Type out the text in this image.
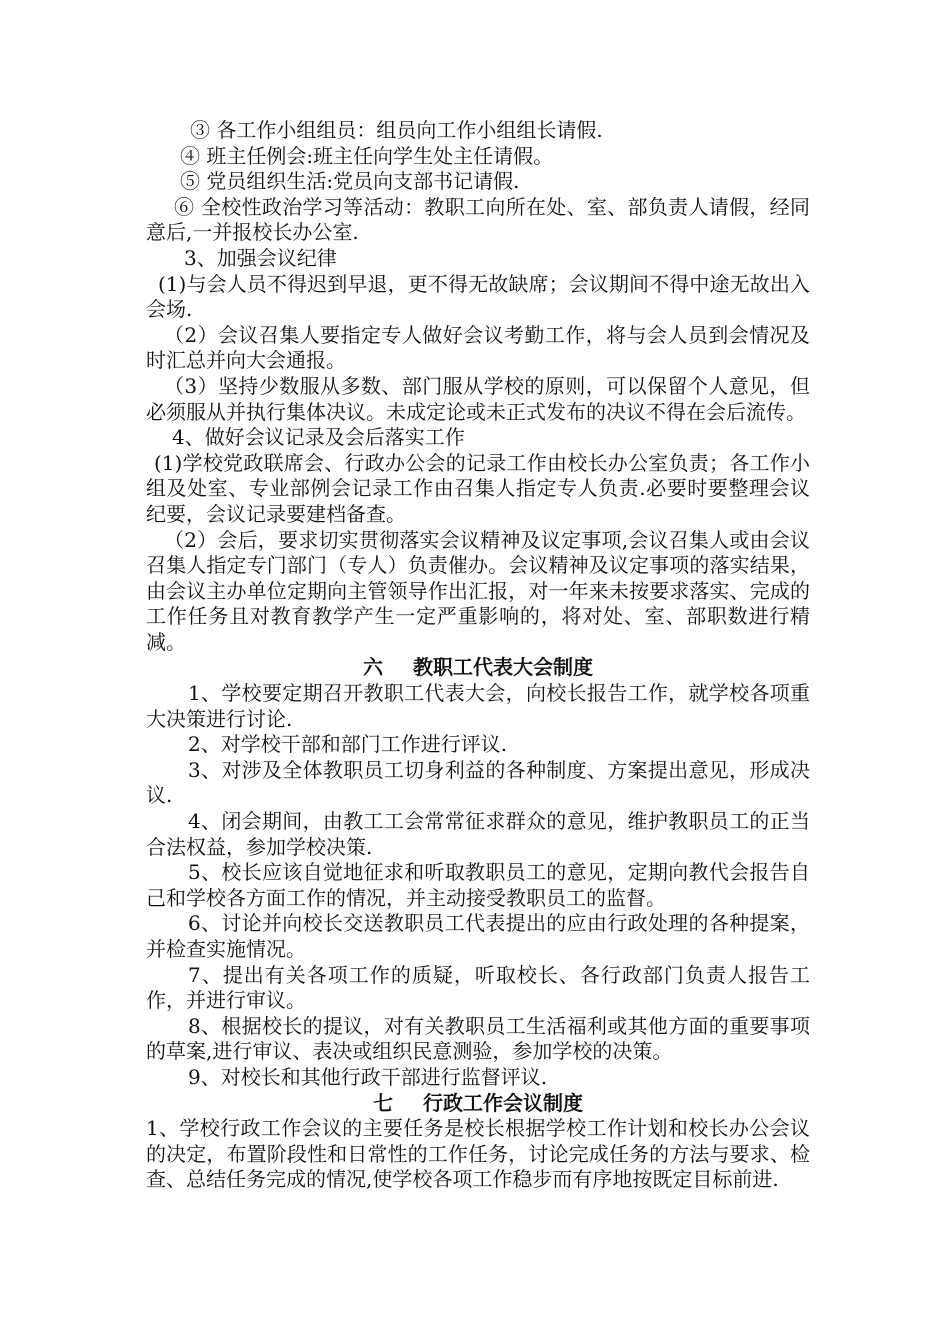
③ 各工作小组组员：组员向工作小组组长请假.

④ 班主任例会:班主任向学生处主任请假。

⑤ 党员组织生活:党员向支部书记请假.

⑥ 全校性政治学习等活动：教职工向所在处、室、部负责人请假，经同意后,一并报校长办公室.

3、加强会议纪律

(1)与会人员不得迟到早退，更不得无故缺席；会议期间不得中途无故出入会场.

（2）会议召集人要指定专人做好会议考勤工作，将与会人员到会情况及时汇总并向大会通报。

（3）坚持少数服从多数、部门服从学校的原则，可以保留个人意见，但必须服从并执行集体决议。未成定论或未正式发布的决议不得在会后流传。

4、做好会议记录及会后落实工作

(1)学校党政联席会、行政办公会的记录工作由校长办公室负责；各工作小组及处室、专业部例会记录工作由召集人指定专人负责.必要时要整理会议纪要，会议记录要建档备查。

（2）会后，要求切实贯彻落实会议精神及议定事项,会议召集人或由会议召集人指定专门部门（专人）负责催办。会议精神及议定事项的落实结果，由会议主办单位定期向主管领导作出汇报，对一年来未按要求落实、完成的工作任务且对教育教学产生一定严重影响的，将对处、室、部职数进行精减。

六 教职工代表大会制度

1、学校要定期召开教职工代表大会，向校长报告工作，就学校各项重大决策进行讨论.

2、对学校干部和部门工作进行评议.

3、对涉及全体教职员工切身利益的各种制度、方案提出意见，形成决议.

4、闭会期间，由教工工会常常征求群众的意见，维护教职员工的正当合法权益，参加学校决策.

5、校长应该自觉地征求和听取教职员工的意见，定期向教代会报告自己和学校各方面工作的情况，并主动接受教职员工的监督。

6、讨论并向校长交送教职员工代表提出的应由行政处理的各种提案，并检查实施情况。

7、提出有关各项工作的质疑，听取校长、各行政部门负责人报告工作，并进行审议。

8、根据校长的提议，对有关教职员工生活福利或其他方面的重要事项的草案,进行审议、表决或组织民意测验，参加学校的决策。

9、对校长和其他行政干部进行监督评议.

七 行政工作会议制度

1、学校行政工作会议的主要任务是校长根据学校工作计划和校长办公会议的决定，布置阶段性和日常性的工作任务，讨论完成任务的方法与要求、检查、总结任务完成的情况,使学校各项工作稳步而有序地按既定目标前进.
